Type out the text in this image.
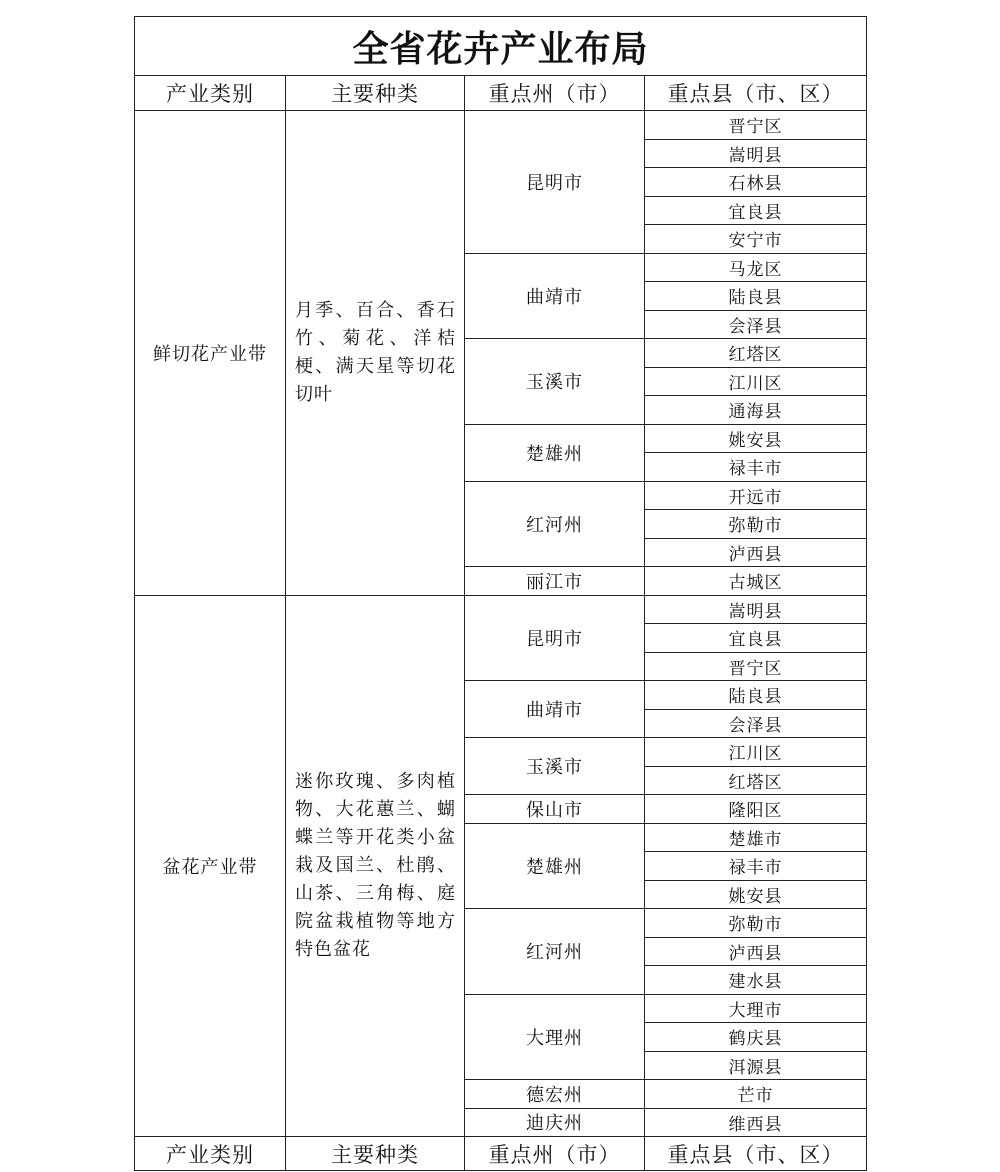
全省花卉产业布局			
产业类别	主要种类	重点州（市）	重点县（市、区）
鲜切花产业带	月季、百合、香石竹、菊花、洋桔梗、满天星等切花切叶	昆明市	晋宁区
			嵩明县
			石林县
			宜良县
			安宁市
		曲靖市	马龙区
			陆良县
			会泽县
		玉溪市	红塔区
			江川区
			通海县
		楚雄州	姚安县
			禄丰市
		红河州	开远市
			弥勒市
			泸西县
		丽江市	古城区
盆花产业带	迷你玫瑰、多肉植物、大花蕙兰、蝴蝶兰等开花类小盆栽及国兰、杜鹃、山茶、三角梅、庭院盆栽植物等地方特色盆花	昆明市	嵩明县
			宜良县
			晋宁区
		曲靖市	陆良县
			会泽县
		玉溪市	江川区
			红塔区
		保山市	隆阳区
		楚雄州	楚雄市
			禄丰市
			姚安县
		红河州	弥勒市
			泸西县
			建水县
		大理州	大理市
			鹤庆县
			洱源县
		德宏州	芒市
		迪庆州	维西县
产业类别	主要种类	重点州（市）	重点县（市、区）
